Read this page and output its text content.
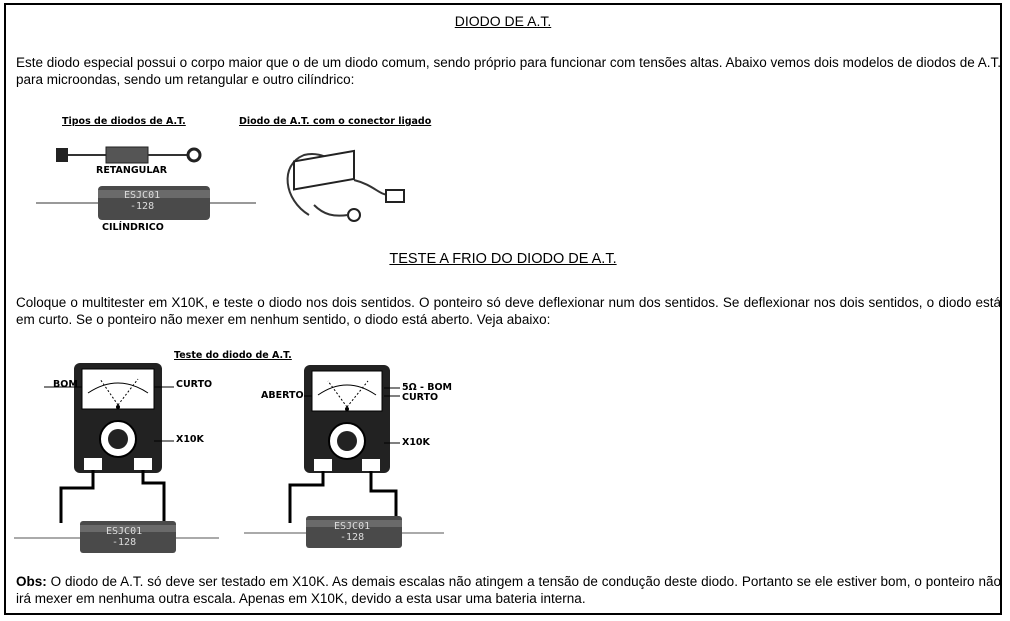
DIODO DE A.T.
Este diodo especial possui o corpo maior que o de um diodo comum, sendo próprio para funcionar com tensões altas. Abaixo vemos dois modelos de diodos de A.T. para microondas, sendo um retangular e outro cilíndrico:
Tipos de diodos de A.T.	Diodo de A.T. com o conector ligado
RETANGULAR
CILÍNDRICO
ESJC01
-128
TESTE A FRIO DO DIODO DE A.T.
Coloque o multitester em X10K, e teste o diodo nos dois sentidos. O ponteiro só deve deflexionar num dos sentidos. Se deflexionar nos dois sentidos, o diodo está em curto. Se o ponteiro não mexer em nenhum sentido, o diodo está aberto. Veja abaixo:
Teste do diodo de A.T.
BOM	CURTO
X10K
ESJC01
-128
ABERTO
5Ω - BOM
CURTO
X10K
ESJC01
-128
Obs: O diodo de A.T. só deve ser testado em X10K. As demais escalas não atingem a tensão de condução deste diodo. Portanto se ele estiver bom, o ponteiro não irá mexer em nenhuma outra escala. Apenas em X10K, devido a esta usar uma bateria interna.
